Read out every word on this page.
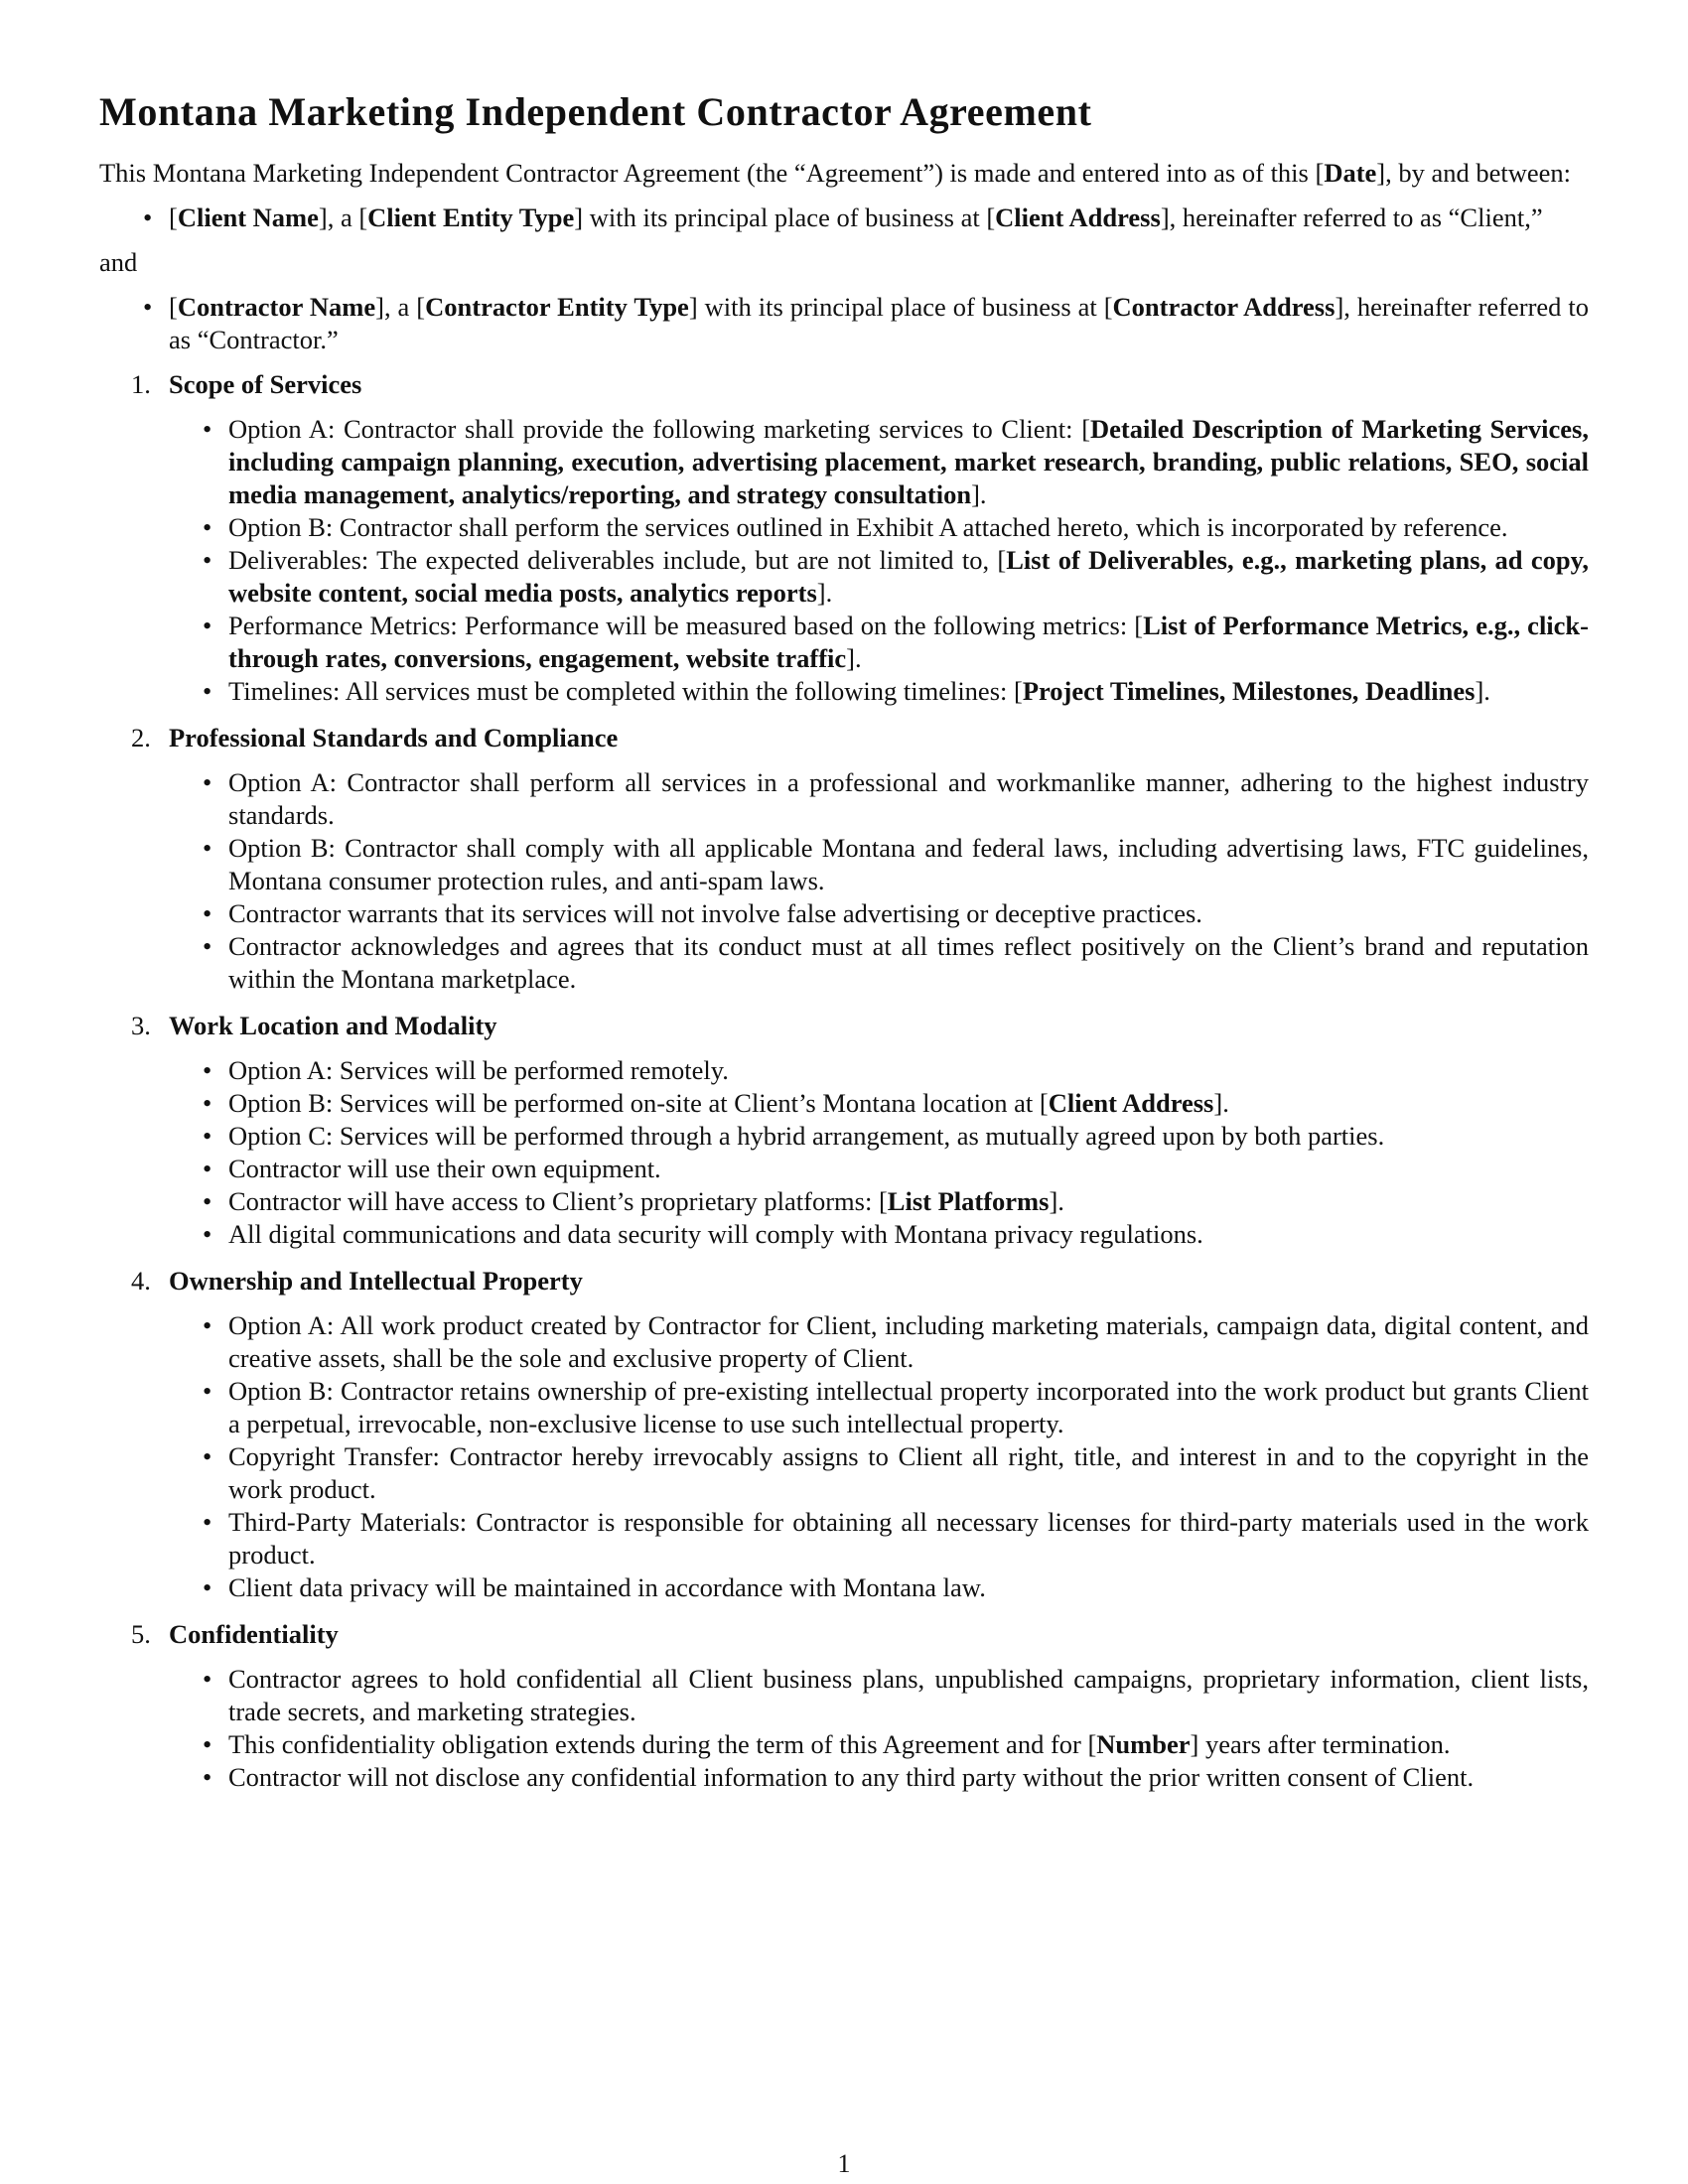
Montana Marketing Independent Contractor Agreement

This Montana Marketing Independent Contractor Agreement (the “Agreement”) is made and entered into as of this [Date], by and between:

• [Client Name], a [Client Entity Type] with its principal place of business at [Client Address], hereinafter referred to as “Client,”

and

• [Contractor Name], a [Contractor Entity Type] with its principal place of business at [Contractor Address], hereinafter referred to as “Contractor.”
1. Scope of Services
• Option A: Contractor shall provide the following marketing services to Client: [Detailed Description of Marketing Services, including campaign planning, execution, advertising placement, market research, branding, public relations, SEO, social media management, analytics/reporting, and strategy consultation].
• Option B: Contractor shall perform the services outlined in Exhibit A attached hereto, which is incorporated by reference.
• Deliverables: The expected deliverables include, but are not limited to, [List of Deliverables, e.g., marketing plans, ad copy, website content, social media posts, analytics reports].
• Performance Metrics: Performance will be measured based on the following metrics: [List of Performance Metrics, e.g., click-through rates, conversions, engagement, website traffic].
• Timelines: All services must be completed within the following timelines: [Project Timelines, Milestones, Deadlines].
2. Professional Standards and Compliance
• Option A: Contractor shall perform all services in a professional and workmanlike manner, adhering to the highest industry standards.
• Option B: Contractor shall comply with all applicable Montana and federal laws, including advertising laws, FTC guidelines, Montana consumer protection rules, and anti-spam laws.
• Contractor warrants that its services will not involve false advertising or deceptive practices.
• Contractor acknowledges and agrees that its conduct must at all times reflect positively on the Client’s brand and reputation within the Montana marketplace.
3. Work Location and Modality
• Option A: Services will be performed remotely.
• Option B: Services will be performed on-site at Client’s Montana location at [Client Address].
• Option C: Services will be performed through a hybrid arrangement, as mutually agreed upon by both parties.
• Contractor will use their own equipment.
• Contractor will have access to Client’s proprietary platforms: [List Platforms].
• All digital communications and data security will comply with Montana privacy regulations.
4. Ownership and Intellectual Property
• Option A: All work product created by Contractor for Client, including marketing materials, campaign data, digital content, and creative assets, shall be the sole and exclusive property of Client.
• Option B: Contractor retains ownership of pre-existing intellectual property incorporated into the work product but grants Client a perpetual, irrevocable, non-exclusive license to use such intellectual property.
• Copyright Transfer: Contractor hereby irrevocably assigns to Client all right, title, and interest in and to the copyright in the work product.
• Third-Party Materials: Contractor is responsible for obtaining all necessary licenses for third-party materials used in the work product.
• Client data privacy will be maintained in accordance with Montana law.
5. Confidentiality
• Contractor agrees to hold confidential all Client business plans, unpublished campaigns, proprietary information, client lists, trade secrets, and marketing strategies.
• This confidentiality obligation extends during the term of this Agreement and for [Number] years after termination.
• Contractor will not disclose any confidential information to any third party without the prior written consent of Client.
1
